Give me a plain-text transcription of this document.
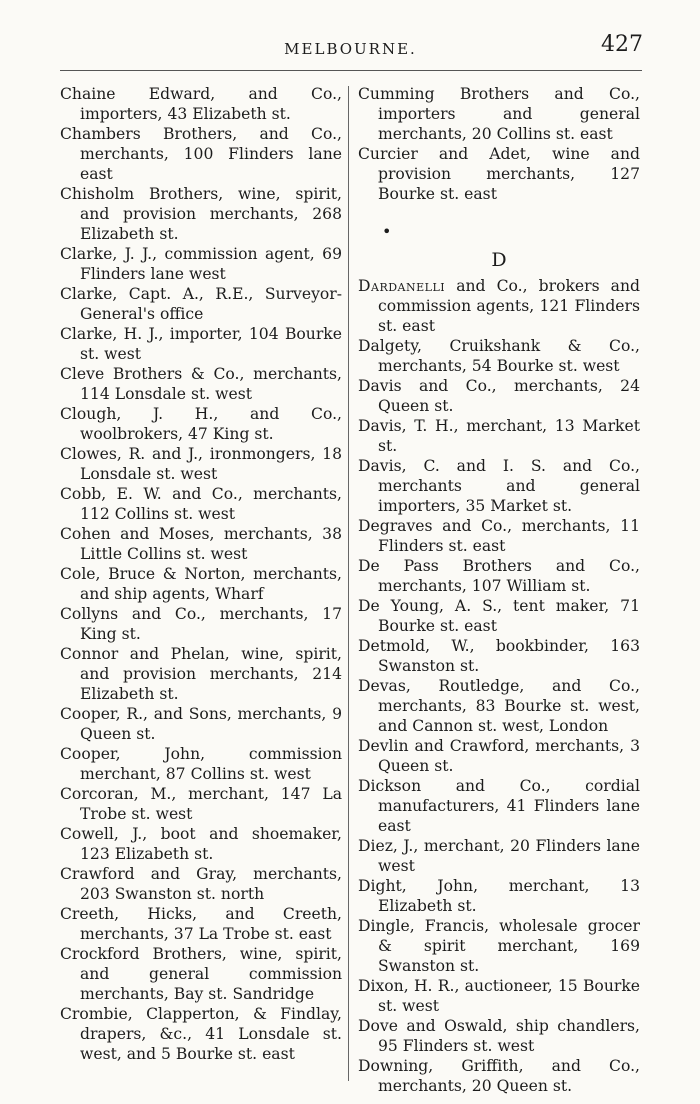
MELBOURNE.	427
Chaine Edward, and Co., importers, 43 Elizabeth st.
Chambers Brothers, and Co., merchants, 100 Flinders lane east
Chisholm Brothers, wine, spirit, and provision merchants, 268 Elizabeth st.
Clarke, J. J., commission agent, 69 Flinders lane west
Clarke, Capt. A., R.E., Surveyor-General's office
Clarke, H. J., importer, 104 Bourke st. west
Cleve Brothers & Co., merchants, 114 Lonsdale st. west
Clough, J. H., and Co., woolbrokers, 47 King st.
Clowes, R. and J., ironmongers, 18 Lonsdale st. west
Cobb, E. W. and Co., merchants, 112 Collins st. west
Cohen and Moses, merchants, 38 Little Collins st. west
Cole, Bruce & Norton, merchants, and ship agents, Wharf
Collyns and Co., merchants, 17 King st.
Connor and Phelan, wine, spirit, and provision merchants, 214 Elizabeth st.
Cooper, R., and Sons, merchants, 9 Queen st.
Cooper, John, commission merchant, 87 Collins st. west
Corcoran, M., merchant, 147 La Trobe st. west
Cowell, J., boot and shoemaker, 123 Elizabeth st.
Crawford and Gray, merchants, 203 Swanston st. north
Creeth, Hicks, and Creeth, merchants, 37 La Trobe st. east
Crockford Brothers, wine, spirit, and general commission merchants, Bay st. Sandridge
Crombie, Clapperton, & Findlay, drapers, &c., 41 Lonsdale st. west, and 5 Bourke st. east
Cumming Brothers and Co., importers and general merchants, 20 Collins st. east
Curcier and Adet, wine and provision merchants, 127 Bourke st. east
•
D
Dardanelli and Co., brokers and commission agents, 121 Flinders st. east
Dalgety, Cruikshank & Co., merchants, 54 Bourke st. west
Davis and Co., merchants, 24 Queen st.
Davis, T. H., merchant, 13 Market st.
Davis, C. and I. S. and Co., merchants and general importers, 35 Market st.
Degraves and Co., merchants, 11 Flinders st. east
De Pass Brothers and Co., merchants, 107 William st.
De Young, A. S., tent maker, 71 Bourke st. east
Detmold, W., bookbinder, 163 Swanston st.
Devas, Routledge, and Co., merchants, 83 Bourke st. west, and Cannon st. west, London
Devlin and Crawford, merchants, 3 Queen st.
Dickson and Co., cordial manufacturers, 41 Flinders lane east
Diez, J., merchant, 20 Flinders lane west
Dight, John, merchant, 13 Elizabeth st.
Dingle, Francis, wholesale grocer & spirit merchant, 169 Swanston st.
Dixon, H. R., auctioneer, 15 Bourke st. west
Dove and Oswald, ship chandlers, 95 Flinders st. west
Downing, Griffith, and Co., merchants, 20 Queen st.
